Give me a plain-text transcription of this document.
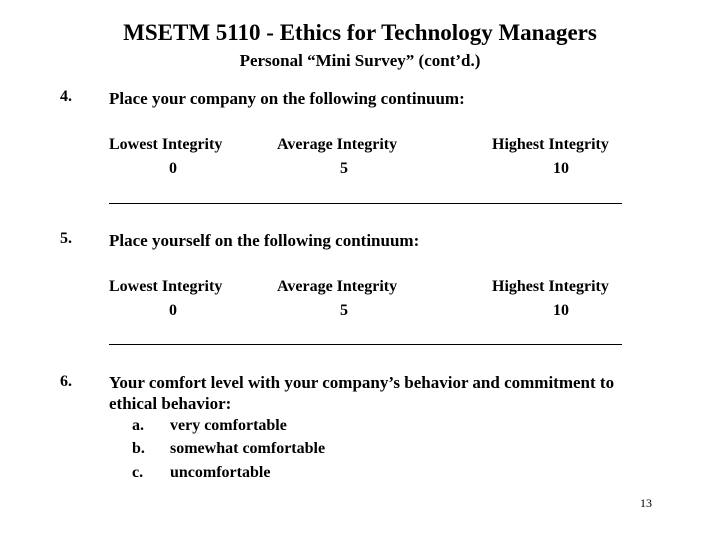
MSETM 5110 - Ethics for Technology Managers
Personal “Mini Survey” (cont’d.)
4. Place your company on the following continuum:
Lowest Integrity	Average Integrity	Highest Integrity
0	5	10
5. Place yourself on the following continuum:
Lowest Integrity	Average Integrity	Highest Integrity
0	5	10
6. Your comfort level with your company’s behavior and commitment to
ethical behavior:
a. very comfortable
b. somewhat comfortable
c. uncomfortable
13
